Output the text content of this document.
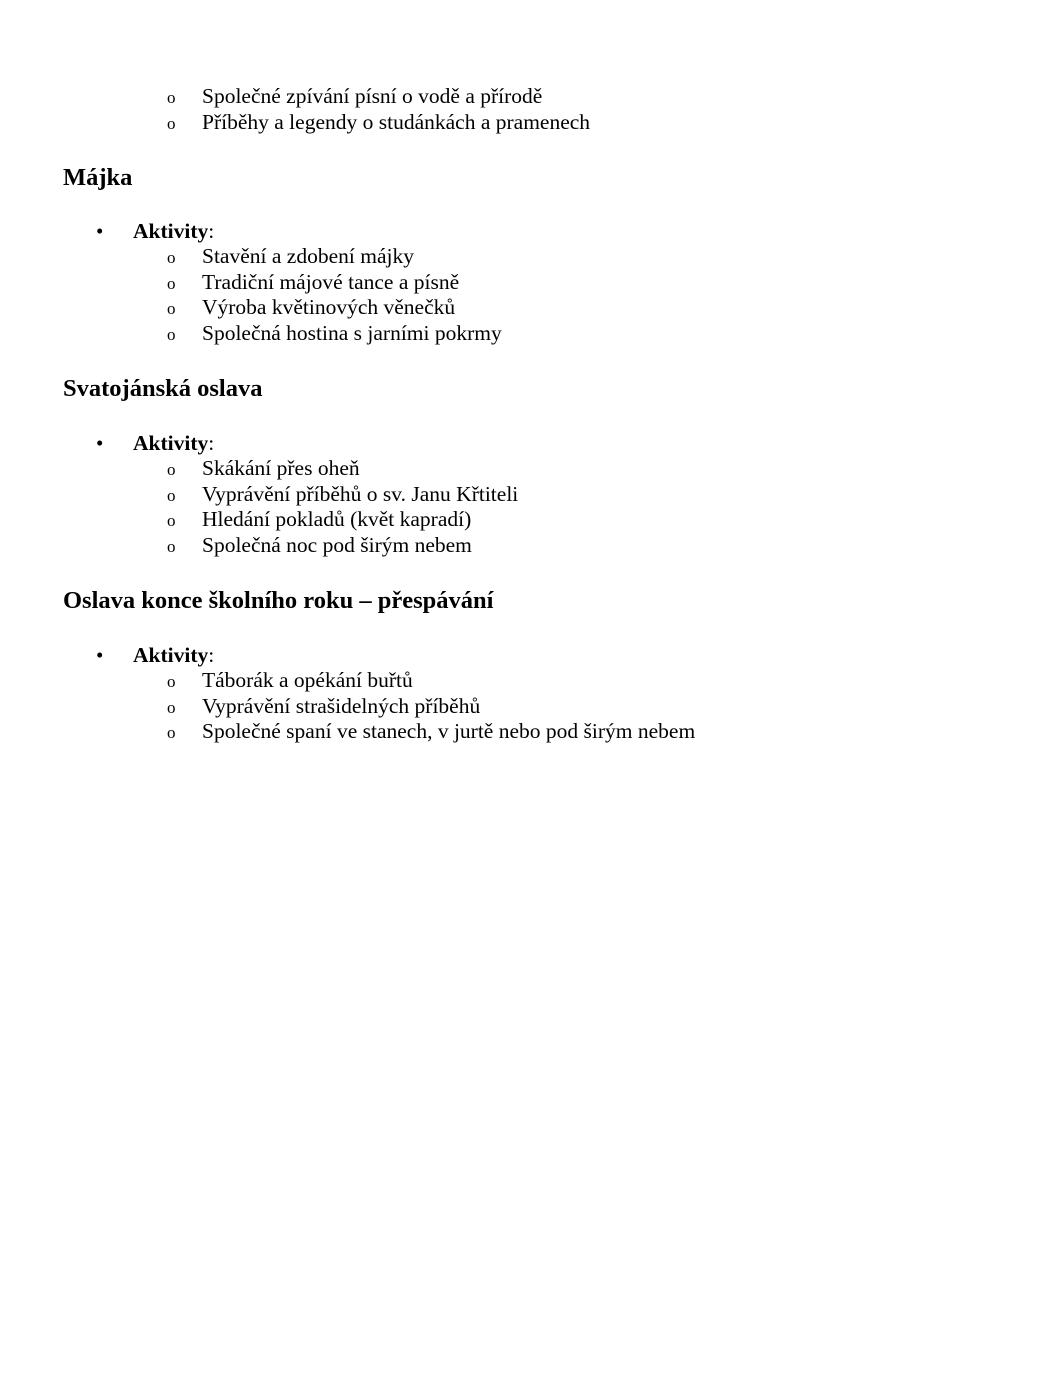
o Společné zpívání písní o vodě a přírodě
o Příběhy a legendy o studánkách a pramenech
Májka
• Aktivity:
o Stavění a zdobení májky
o Tradiční májové tance a písně
o Výroba květinových věnečků
o Společná hostina s jarními pokrmy
Svatojánská oslava
• Aktivity:
o Skákání přes oheň
o Vyprávění příběhů o sv. Janu Křtiteli
o Hledání pokladů (květ kapradí)
o Společná noc pod širým nebem
Oslava konce školního roku – přespávání
• Aktivity:
o Táborák a opékání buřtů
o Vyprávění strašidelných příběhů
o Společné spaní ve stanech, v jurtě nebo pod širým nebem
